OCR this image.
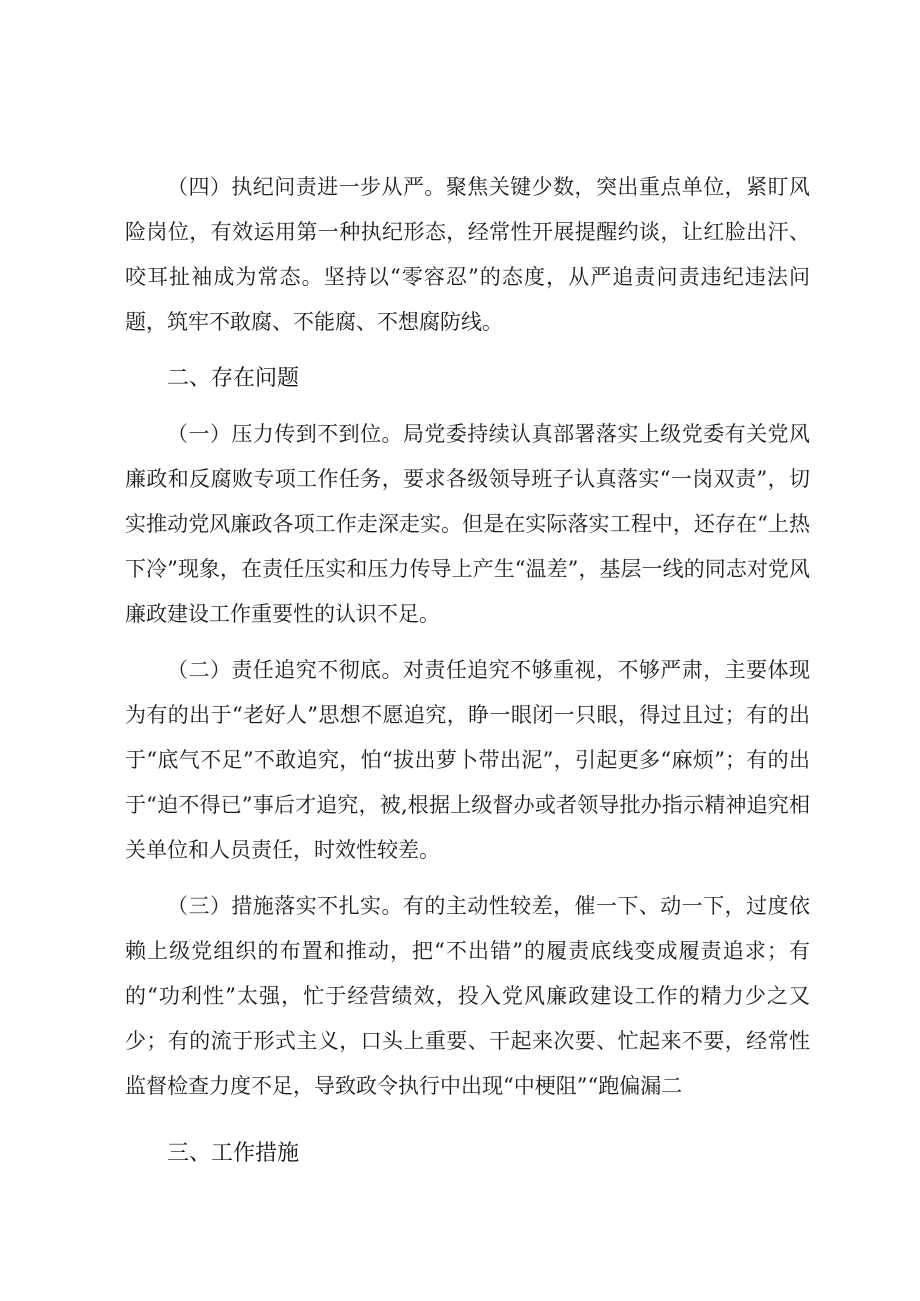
（四）执纪问责进一步从严。聚焦关键少数，突出重点单位，紧盯风险岗位，有效运用第一种执纪形态，经常性开展提醒约谈，让红脸出汗、咬耳扯袖成为常态。坚持以“零容忍”的态度，从严追责问责违纪违法问题，筑牢不敢腐、不能腐、不想腐防线。

二、存在问题

（一）压力传到不到位。局党委持续认真部署落实上级党委有关党风廉政和反腐败专项工作任务，要求各级领导班子认真落实“一岗双责”，切实推动党风廉政各项工作走深走实。但是在实际落实工程中，还存在“上热下冷”现象，在责任压实和压力传导上产生“温差”，基层一线的同志对党风廉政建设工作重要性的认识不足。

（二）责任追究不彻底。对责任追究不够重视，不够严肃，主要体现为有的出于“老好人”思想不愿追究，睁一眼闭一只眼，得过且过；有的出于“底气不足”不敢追究，怕“拔出萝卜带出泥”，引起更多“麻烦”；有的出于“迫不得已”事后才追究，被,根据上级督办或者领导批办指示精神追究相关单位和人员责任，时效性较差。

（三）措施落实不扎实。有的主动性较差，催一下、动一下，过度依赖上级党组织的布置和推动，把“不出错”的履责底线变成履责追求；有的“功利性”太强，忙于经营绩效，投入党风廉政建设工作的精力少之又少；有的流于形式主义，口头上重要、干起来次要、忙起来不要，经常性监督检查力度不足，导致政令执行中出现“中梗阻”“跑偏漏二

三、工作措施
